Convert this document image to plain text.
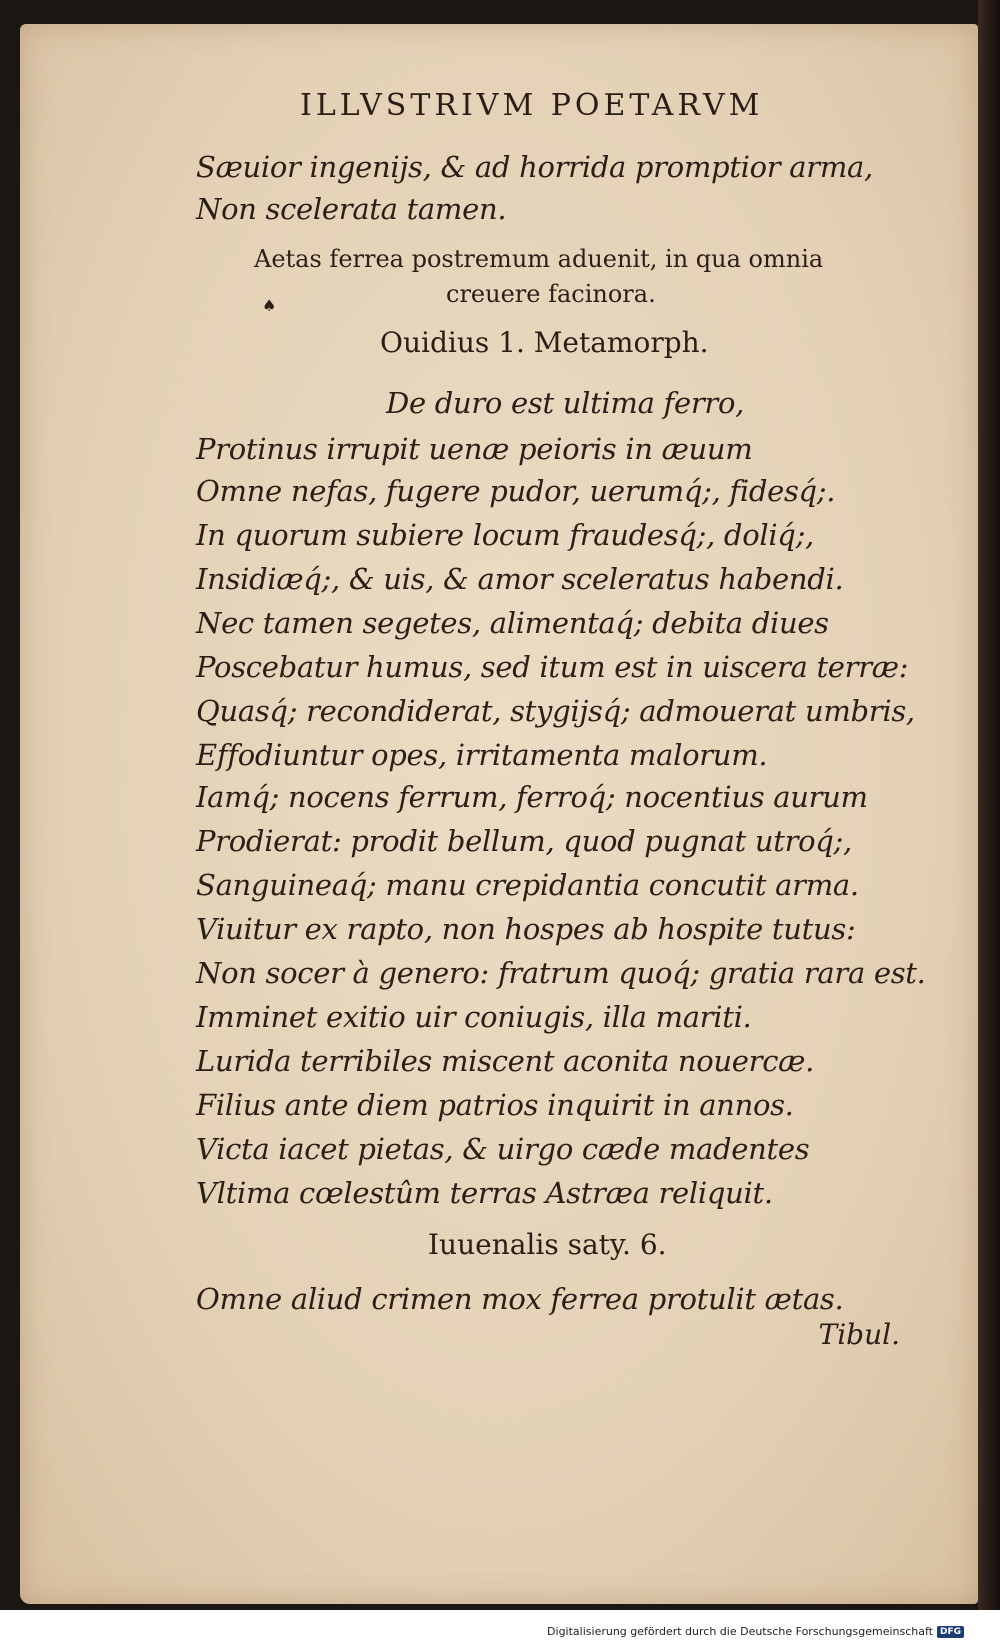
ILLVSTRIVM POETARVM
Sæuior ingenijs, & ad horrida promptior arma,
Non scelerata tamen.
Aetas ferrea postremum aduenit, in qua omnia
creuere facinora.
♠
Ouidius 1. Metamorph.
De duro est ultima ferro,
Protinus irrupit uenæ peioris in æuum
Omne nefas, fugere pudor, uerumq́;, fidesq́;.
In quorum subiere locum fraudesq́;, doliq́;,
Insidiæq́;, & uis, & amor sceleratus habendi.
Nec tamen segetes, alimentaq́; debita diues
Poscebatur humus, sed itum est in uiscera terræ:
Quasq́; recondiderat, stygijsq́; admouerat umbris,
Effodiuntur opes, irritamenta malorum.
Iamq́; nocens ferrum, ferroq́; nocentius aurum
Prodierat: prodit bellum, quod pugnat utroq́;,
Sanguineaq́; manu crepidantia concutit arma.
Viuitur ex rapto, non hospes ab hospite tutus:
Non socer à genero: fratrum quoq́; gratia rara est.
Imminet exitio uir coniugis, illa mariti.
Lurida terribiles miscent aconita nouercæ.
Filius ante diem patrios inquirit in annos.
Victa iacet pietas, & uirgo cæde madentes
Vltima cœlestûm terras Astræa reliquit.
Iuuenalis saty. 6.
Omne aliud crimen mox ferrea protulit ætas.
Tibul.
Digitalisierung gefördert durch die Deutsche Forschungsgemeinschaft DFG
